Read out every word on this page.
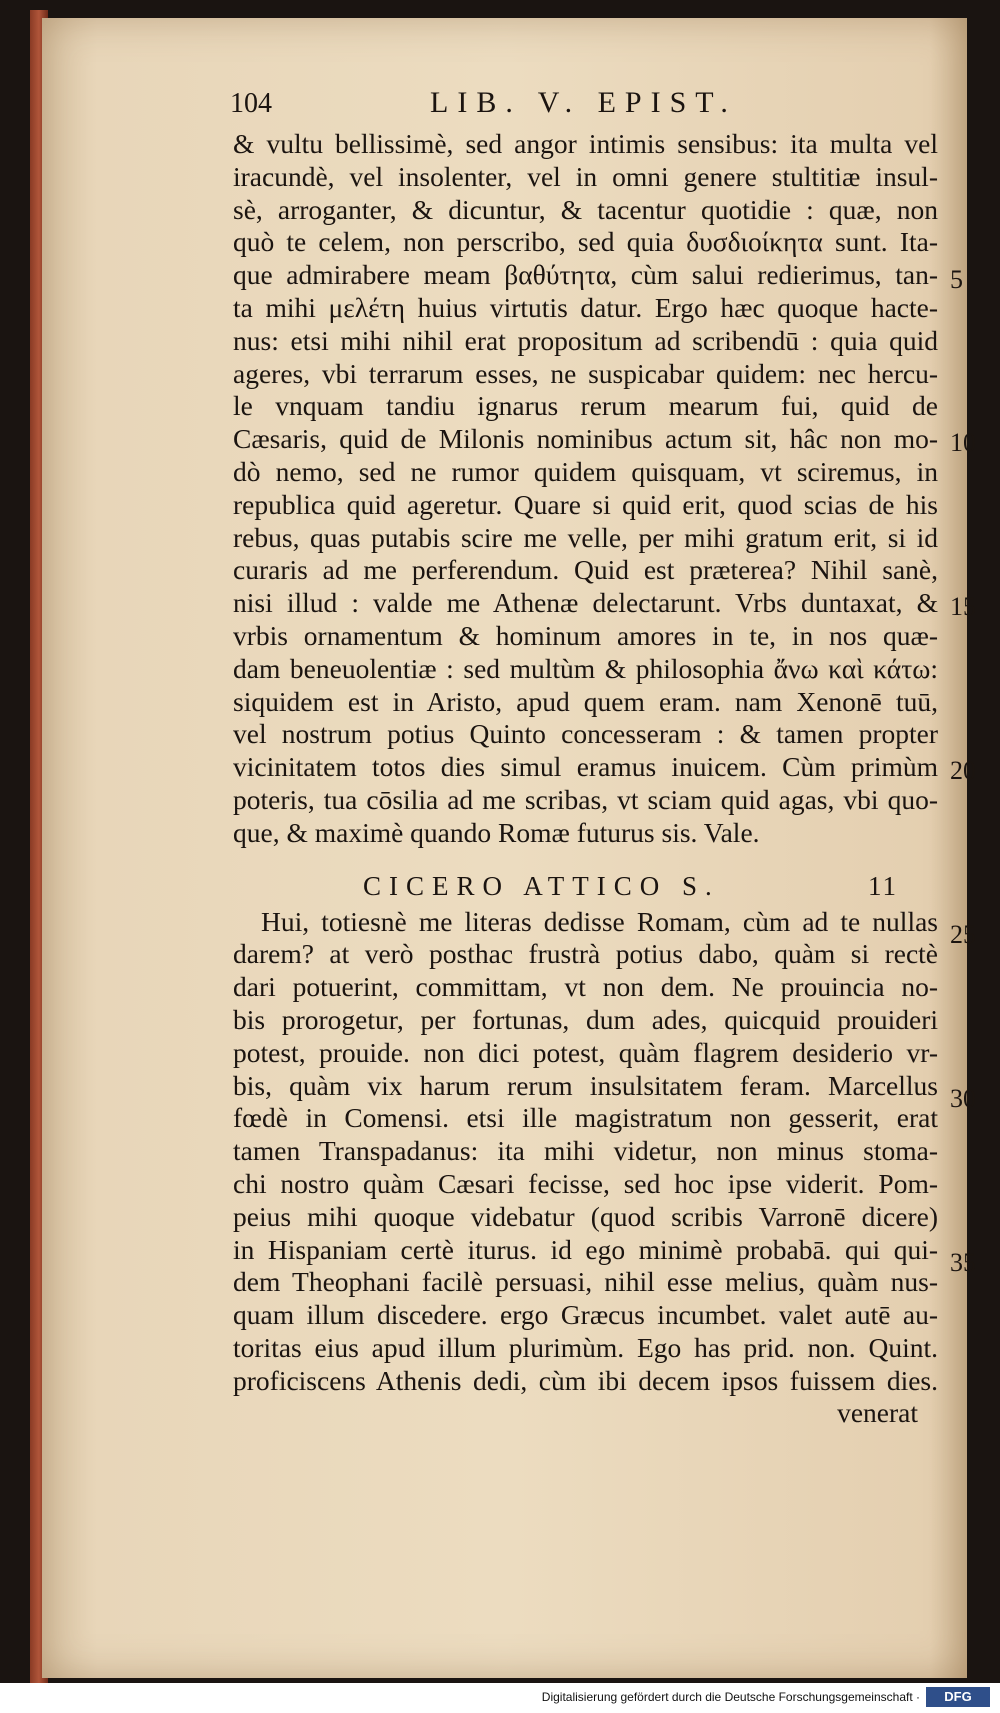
104	LIB. V. EPIST.
& vultu bellissimè, sed angor intimis sensibus: ita multa vel
iracundè, vel insolenter, vel in omni genere stultitiæ insul-
sè, arroganter, & dicuntur, & tacentur quotidie : quæ, non
quò te celem, non perscribo, sed quia δυσδιοίκητα sunt. Ita-
que admirabere meam βαθύτητα, cùm salui redierimus, tan-
ta mihi μελέτη huius virtutis datur. Ergo hæc quoque hacte-
nus: etsi mihi nihil erat propositum ad scribendū : quia quid
ageres, vbi terrarum esses, ne suspicabar quidem: nec hercu-
le vnquam tandiu ignarus rerum mearum fui, quid de
Cæsaris, quid de Milonis nominibus actum sit, hâc non mo-
dò nemo, sed ne rumor quidem quisquam, vt sciremus, in
republica quid ageretur. Quare si quid erit, quod scias de his
rebus, quas putabis scire me velle, per mihi gratum erit, si id
curaris ad me perferendum. Quid est præterea? Nihil sanè,
nisi illud : valde me Athenæ delectarunt. Vrbs duntaxat, &
vrbis ornamentum & hominum amores in te, in nos quæ-
dam beneuolentiæ : sed multùm & philosophia ἄνω καὶ κάτω:
siquidem est in Aristo, apud quem eram. nam Xenonē tuū,
vel nostrum potius Quinto concesseram : & tamen propter
vicinitatem totos dies simul eramus inuicem. Cùm primùm
poteris, tua cōsilia ad me scribas, vt sciam quid agas, vbi quo-
que, & maximè quando Romæ futurus sis. Vale.
CICERO ATTICO S.	11
Hui, totiesnè me literas dedisse Romam, cùm ad te nullas
darem? at verò posthac frustrà potius dabo, quàm si rectè
dari potuerint, committam, vt non dem. Ne prouincia no-
bis prorogetur, per fortunas, dum ades, quicquid prouideri
potest, prouide. non dici potest, quàm flagrem desiderio vr-
bis, quàm vix harum rerum insulsitatem feram. Marcellus
fœdè in Comensi. etsi ille magistratum non gesserit, erat
tamen Transpadanus: ita mihi videtur, non minus stoma-
chi nostro quàm Cæsari fecisse, sed hoc ipse viderit. Pom-
peius mihi quoque videbatur (quod scribis Varronē dicere)
in Hispaniam certè iturus. id ego minimè probabā. qui qui-
dem Theophani facilè persuasi, nihil esse melius, quàm nus-
quam illum discedere. ergo Græcus incumbet. valet autē au-
toritas eius apud illum plurimùm. Ego has prid. non. Quint.
proficiscens Athenis dedi, cùm ibi decem ipsos fuissem dies.
venerat
5
10
15
20
25
30
35
Digitalisierung gefördert durch die Deutsche Forschungsgemeinschaft ·	DFG
